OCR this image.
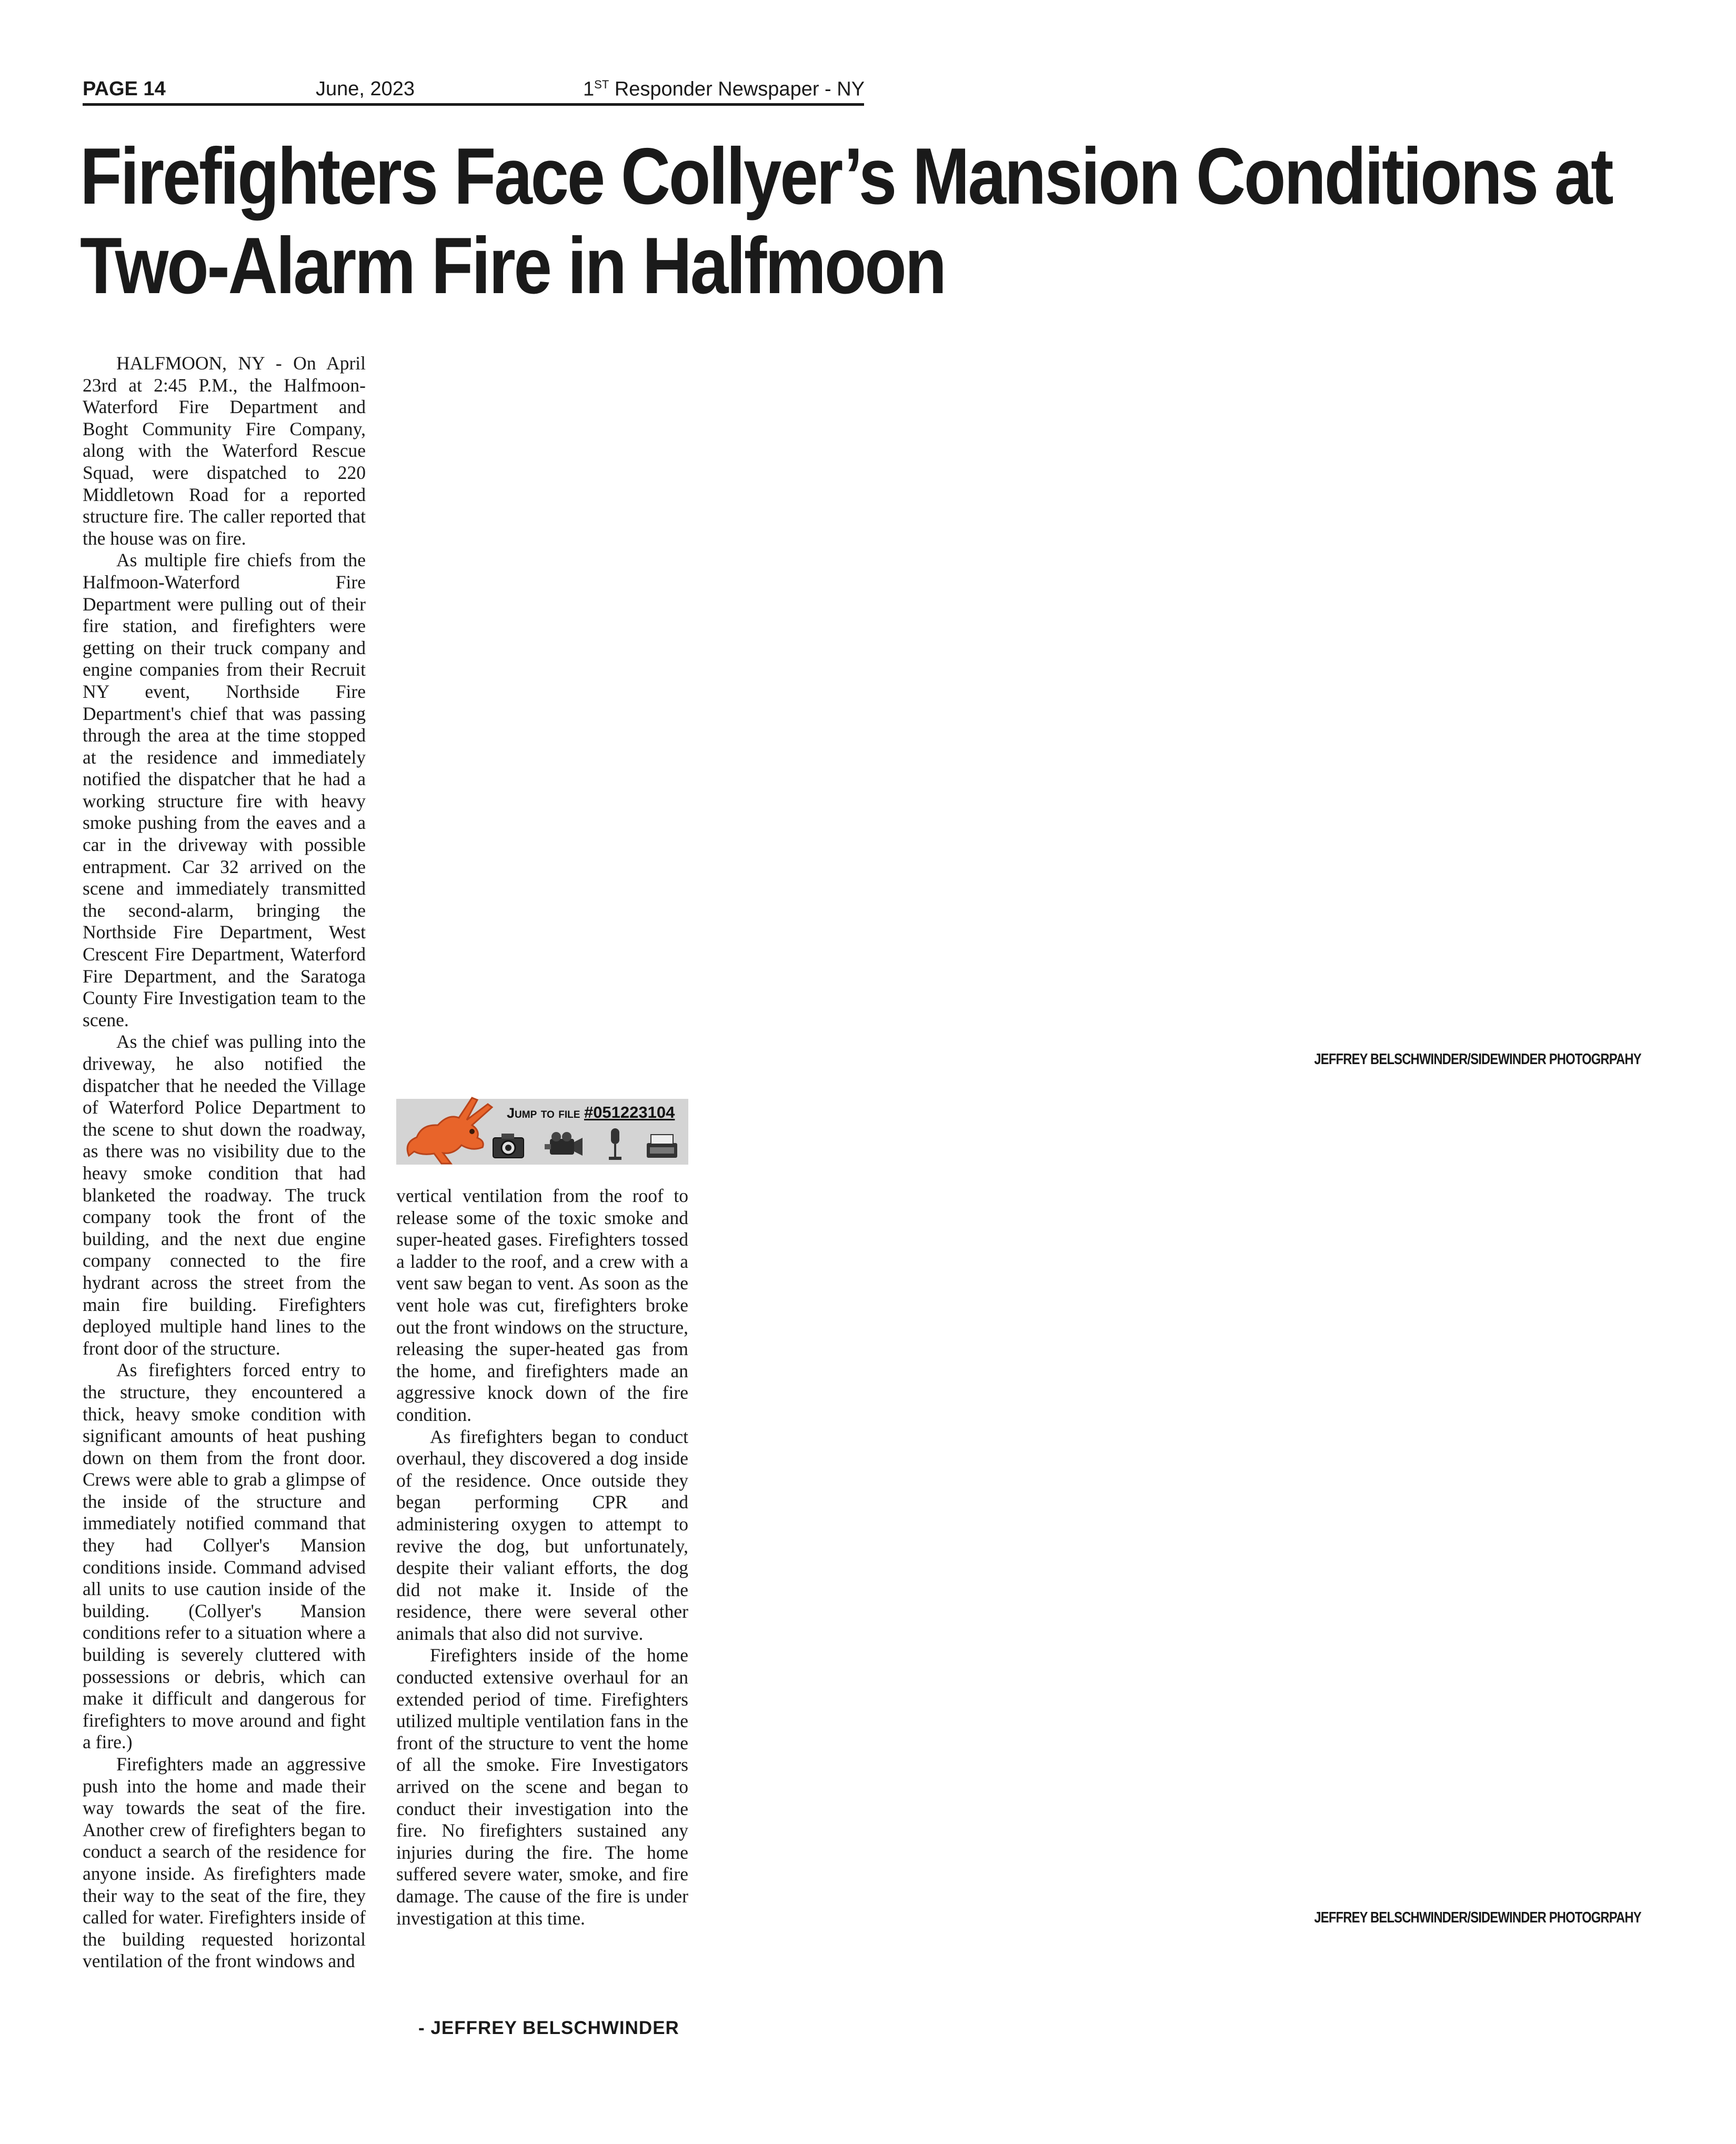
PAGE 14	June, 2023	1ST Responder Newspaper - NY
Firefighters Face Collyer’s Mansion Conditions at
Two-Alarm Fire in Halfmoon

HALFMOON, NY - On April 23rd at 2:45 P.M., the Halfmoon-Waterford Fire Department and Boght Community Fire Company, along with the Waterford Rescue Squad, were dispatched to 220 Middletown Road for a reported structure fire. The caller reported that the house was on fire.

As multiple fire chiefs from the Halfmoon-Waterford Fire Department were pulling out of their fire station, and firefighters were getting on their truck company and engine companies from their Recruit NY event, Northside Fire Department's chief that was passing through the area at the time stopped at the residence and immediately notified the dispatcher that he had a working structure fire with heavy smoke pushing from the eaves and a car in the driveway with possible entrapment. Car 32 arrived on the scene and immediately transmitted the second-alarm, bringing the Northside Fire Department, West Crescent Fire Department, Waterford Fire Department, and the Saratoga County Fire Investigation team to the scene.

As the chief was pulling into the driveway, he also notified the dispatcher that he needed the Village of Waterford Police Department to the scene to shut down the roadway, as there was no visibility due to the heavy smoke condition that had blanketed the roadway. The truck company took the front of the building, and the next due engine company connected to the fire hydrant across the street from the main fire building. Firefighters deployed multiple hand lines to the front door of the structure.

As firefighters forced entry to the structure, they encountered a thick, heavy smoke condition with significant amounts of heat pushing down on them from the front door. Crews were able to grab a glimpse of the inside of the structure and immediately notified command that they had Collyer's Mansion conditions inside. Command advised all units to use caution inside of the building. (Collyer's Mansion conditions refer to a situation where a building is severely cluttered with possessions or debris, which can make it difficult and dangerous for firefighters to move around and fight a fire.)

Firefighters made an aggressive push into the home and made their way towards the seat of the fire. Another crew of firefighters began to conduct a search of the residence for anyone inside. As firefighters made their way to the seat of the fire, they called for water. Firefighters inside of the building requested horizontal ventilation of the front windows and

Jump to file #051223104

vertical ventilation from the roof to release some of the toxic smoke and super-heated gases. Firefighters tossed a ladder to the roof, and a crew with a vent saw began to vent. As soon as the vent hole was cut, firefighters broke out the front windows on the structure, releasing the super-heated gas from the home, and firefighters made an aggressive knock down of the fire condition.

As firefighters began to conduct overhaul, they discovered a dog inside of the residence. Once outside they began performing CPR and administering oxygen to attempt to revive the dog, but unfortunately, despite their valiant efforts, the dog did not make it. Inside of the residence, there were several other animals that also did not survive.

Firefighters inside of the home conducted extensive overhaul for an extended period of time. Firefighters utilized multiple ventilation fans in the front of the structure to vent the home of all the smoke. Fire Investigators arrived on the scene and began to conduct their investigation into the fire. No firefighters sustained any injuries during the fire. The home suffered severe water, smoke, and fire damage. The cause of the fire is under investigation at this time.

- JEFFREY BELSCHWINDER
JEFFREY BELSCHWINDER/SIDEWINDER PHOTOGRPAHY
JEFFREY BELSCHWINDER/SIDEWINDER PHOTOGRPAHY
